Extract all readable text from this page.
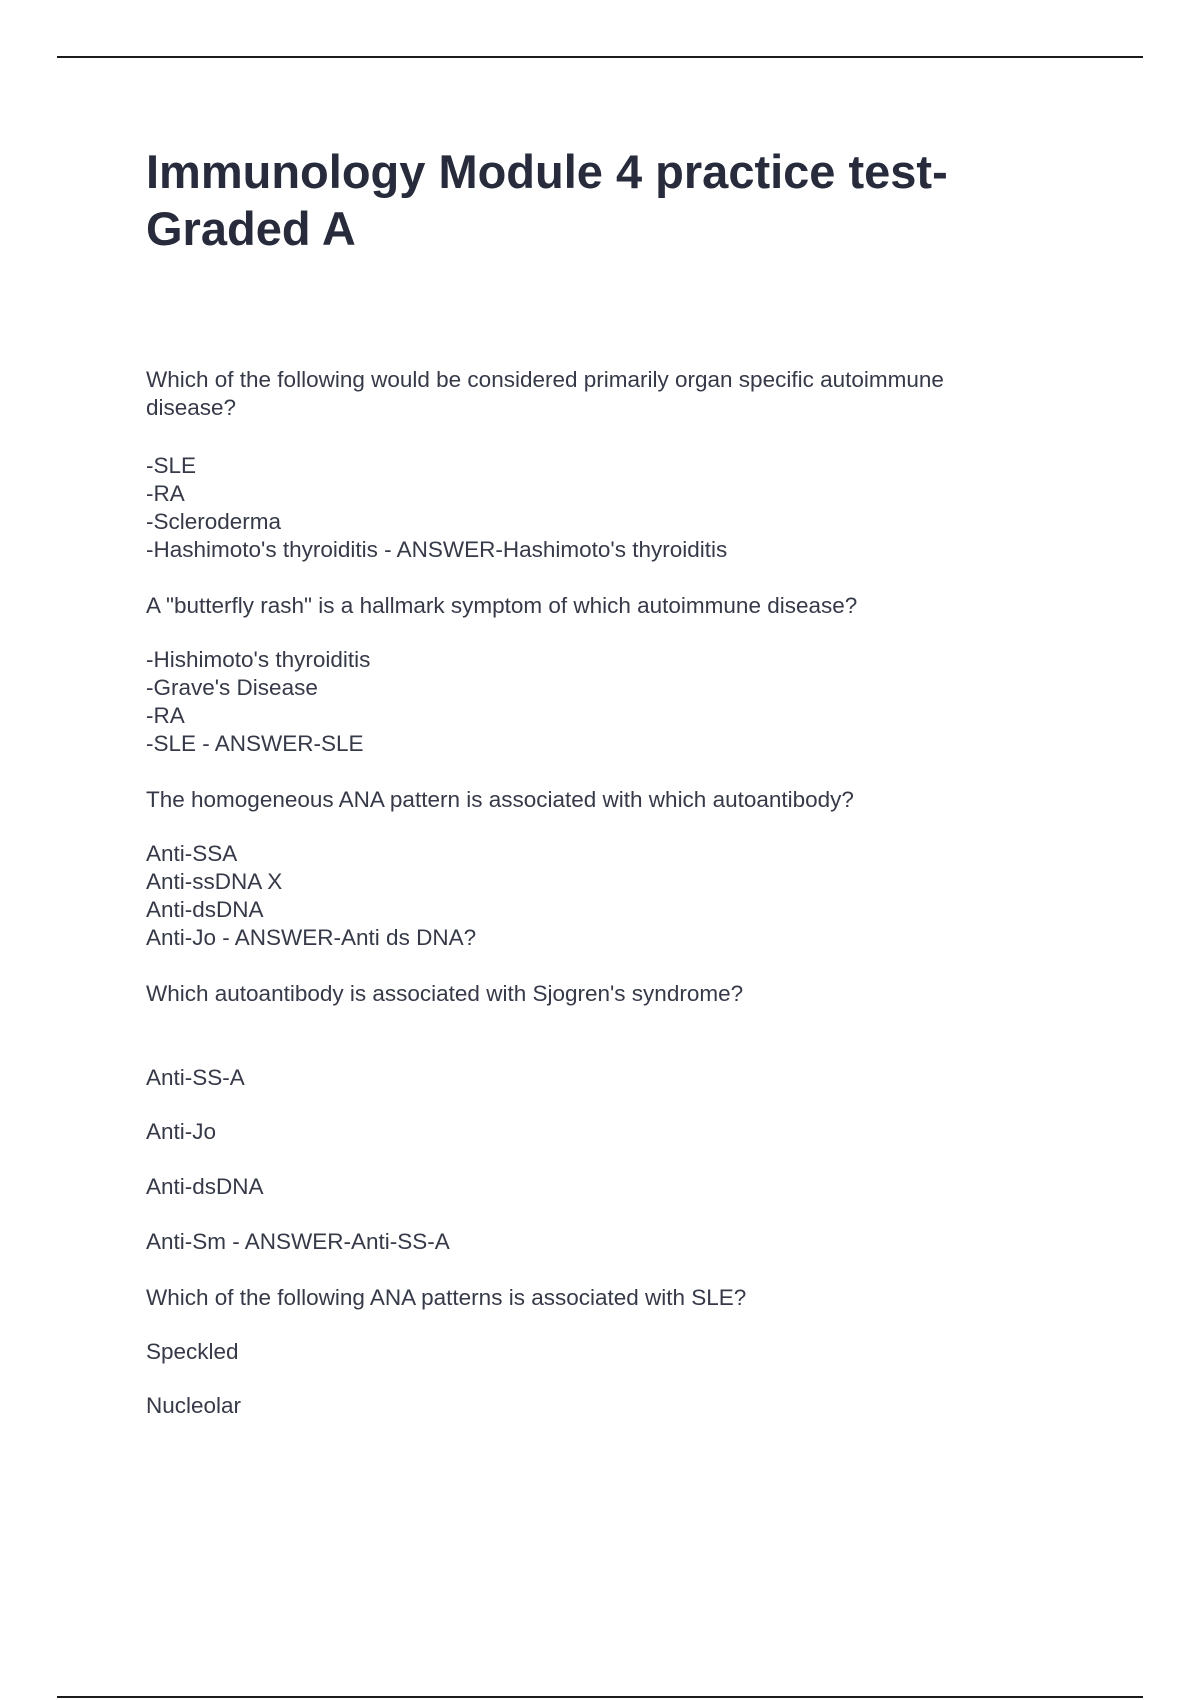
Immunology Module 4 practice test-
Graded A
Which of the following would be considered primarily organ specific autoimmune
disease?
-SLE
-RA
-Scleroderma
-Hashimoto's thyroiditis - ANSWER-Hashimoto's thyroiditis
A "butterfly rash" is a hallmark symptom of which autoimmune disease?
-Hishimoto's thyroiditis
-Grave's Disease
-RA
-SLE - ANSWER-SLE
The homogeneous ANA pattern is associated with which autoantibody?
Anti-SSA
Anti-ssDNA X
Anti-dsDNA
Anti-Jo - ANSWER-Anti ds DNA?
Which autoantibody is associated with Sjogren's syndrome?
Anti-SS-A
Anti-Jo
Anti-dsDNA
Anti-Sm - ANSWER-Anti-SS-A
Which of the following ANA patterns is associated with SLE?
Speckled
Nucleolar
